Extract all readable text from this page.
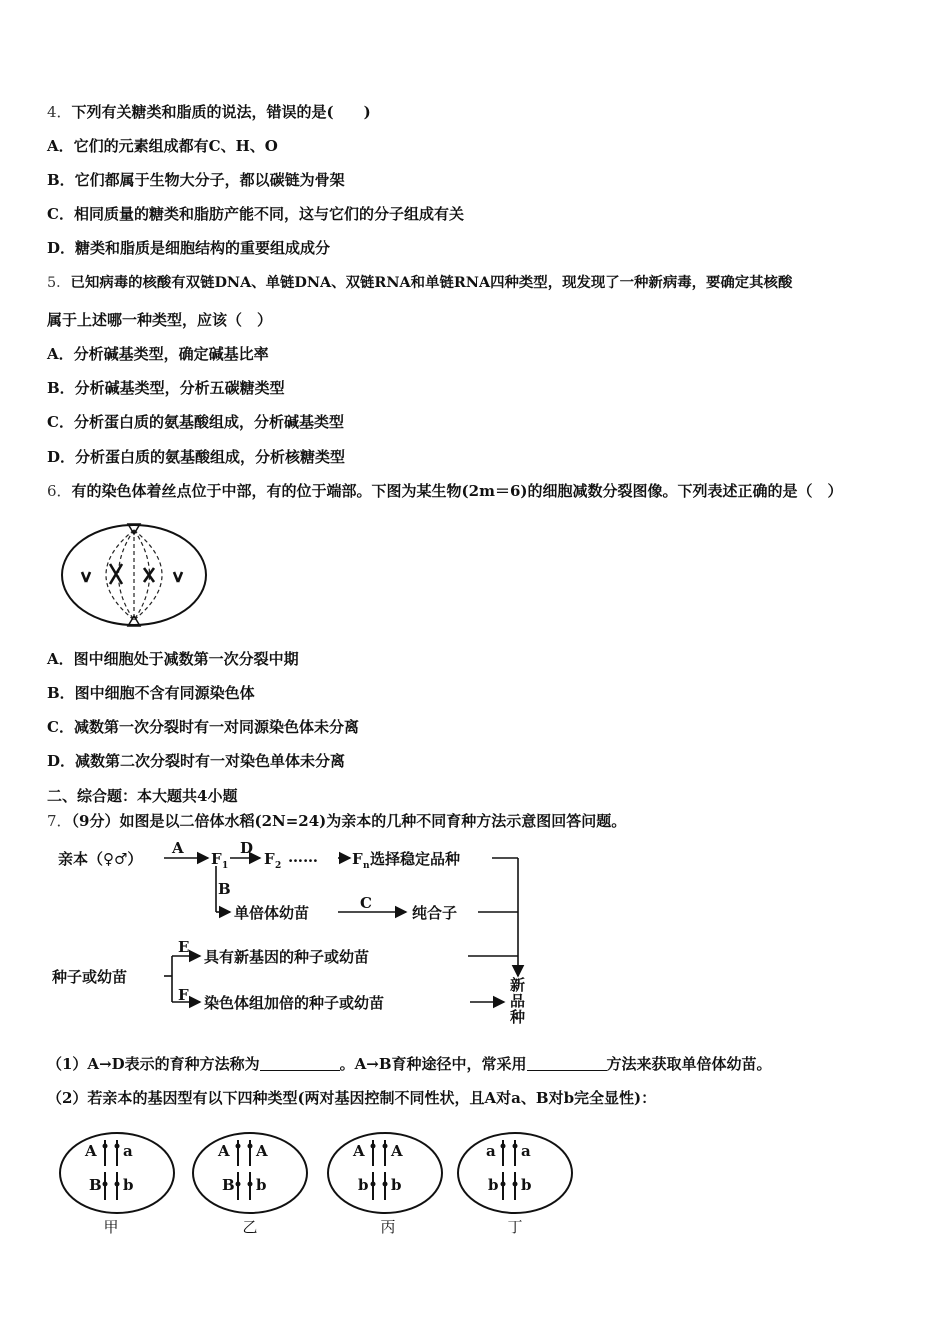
4．下列有关糖类和脂质的说法，错误的是(　　)
A．它们的元素组成都有C、H、O
B．它们都属于生物大分子，都以碳链为骨架
C．相同质量的糖类和脂肪产能不同，这与它们的分子组成有关
D．糖类和脂质是细胞结构的重要组成成分
5．已知病毒的核酸有双链DNA、单链DNA、双链RNA和单链RNA四种类型，现发现了一种新病毒，要确定其核酸
属于上述哪一种类型，应该（　）
A．分析碱基类型，确定碱基比率
B．分析碱基类型，分析五碳糖类型
C．分析蛋白质的氨基酸组成，分析碱基类型
D．分析蛋白质的氨基酸组成，分析核糖类型
6．有的染色体着丝点位于中部，有的位于端部。下图为某生物(2m＝6)的细胞减数分裂图像。下列表述正确的是（　）
A．图中细胞处于减数第一次分裂中期
B．图中细胞不含有同源染色体
C．减数第一次分裂时有一对同源染色体未分离
D．减数第二次分裂时有一对染色单体未分离
二、综合题：本大题共4小题
7．（9分）如图是以二倍体水稻(2N=24)为亲本的几种不同育种方法示意图回答问题。
亲本（♀♂）
A
F 1
D
F 2 …… F n 选择稳定品种
B
单倍体幼苗
C
纯合子
种子或幼苗
E
具有新基因的种子或幼苗
F 染色体组加倍的种子或幼苗
新
品
种
（1）A→D表示的育种方法称为	。A→B育种途径中，常采用	方法来获取单倍体幼苗。
（2）若亲本的基因型有以下四种类型(两对基因控制不同性状，且A对a、B对b完全显性)：
A a
B b
A A
B b
A A
b b
a a
b b
甲	乙	丙	丁
